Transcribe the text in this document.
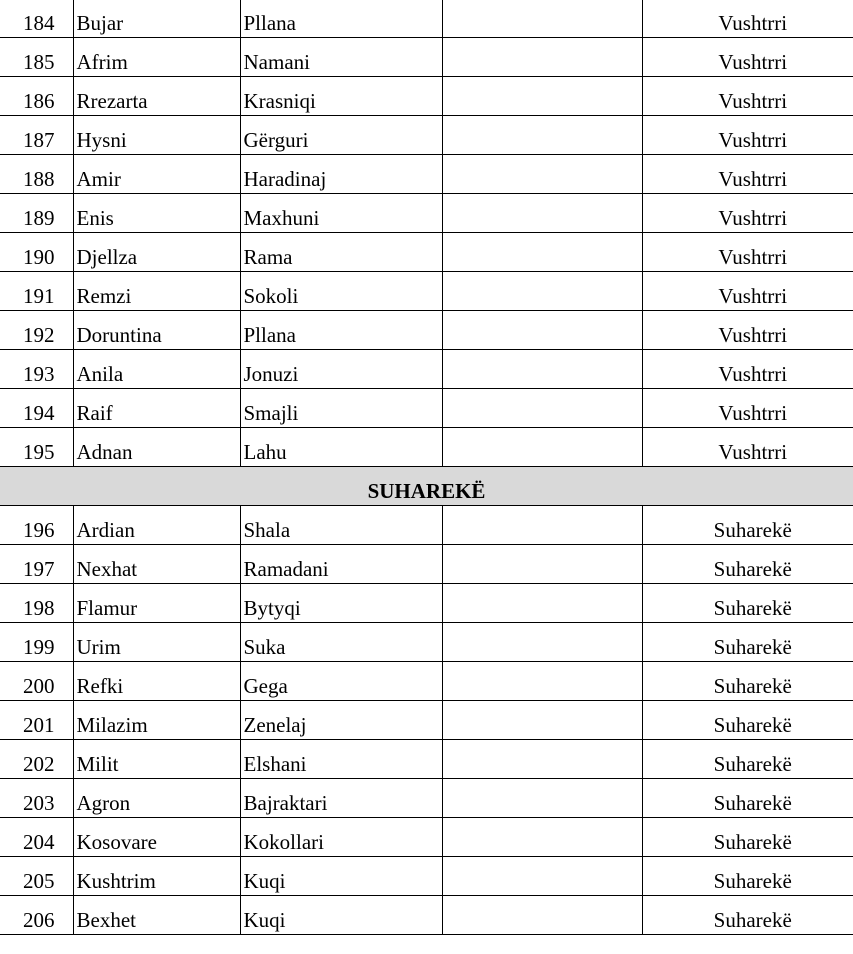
184	Bujar	Pllana		Vushtrri
185	Afrim	Namani		Vushtrri
186	Rrezarta	Krasniqi		Vushtrri
187	Hysni	Gërguri		Vushtrri
188	Amir	Haradinaj		Vushtrri
189	Enis	Maxhuni		Vushtrri
190	Djellza	Rama		Vushtrri
191	Remzi	Sokoli		Vushtrri
192	Doruntina	Pllana		Vushtrri
193	Anila	Jonuzi		Vushtrri
194	Raif	Smajli		Vushtrri
195	Adnan	Lahu		Vushtrri
SUHAREKË				
196	Ardian	Shala		Suharekë
197	Nexhat	Ramadani		Suharekë
198	Flamur	Bytyqi		Suharekë
199	Urim	Suka		Suharekë
200	Refki	Gega		Suharekë
201	Milazim	Zenelaj		Suharekë
202	Milit	Elshani		Suharekë
203	Agron	Bajraktari		Suharekë
204	Kosovare	Kokollari		Suharekë
205	Kushtrim	Kuqi		Suharekë
206	Bexhet	Kuqi		Suharekë
